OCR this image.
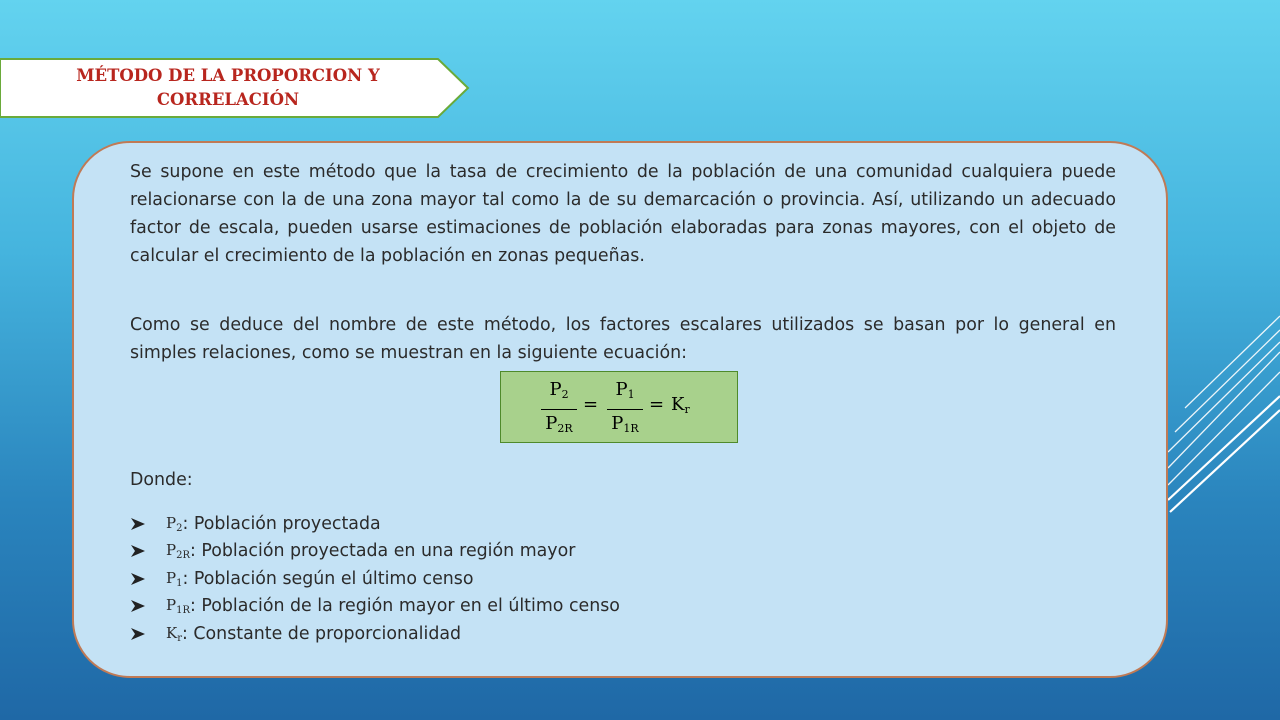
MÉTODO DE LA PROPORCION Y
CORRELACIÓN

Se supone en este método que la tasa de crecimiento de la población de una comunidad cualquiera puede relacionarse con la de una zona mayor tal como la de su demarcación o provincia. Así, utilizando un adecuado factor de escala, pueden usarse estimaciones de población elaboradas para zonas mayores, con el objeto de calcular el crecimiento de la población en zonas pequeñas.

Como se deduce del nombre de este método, los factores escalares utilizados se basan por lo general en simples relaciones, como se muestran en la siguiente ecuación:

$P_2$
$P_{2R}$
=
$P_1$
$P_{1R}$
= $K_r$
Donde:
$P_2$ : Población proyectada
$P_{2R}$ : Población proyectada en una región mayor
$P_1$ : Población según el último censo
$P_{1R}$ : Población de la región mayor en el último censo
$K_r$ : Constante de proporcionalidad
